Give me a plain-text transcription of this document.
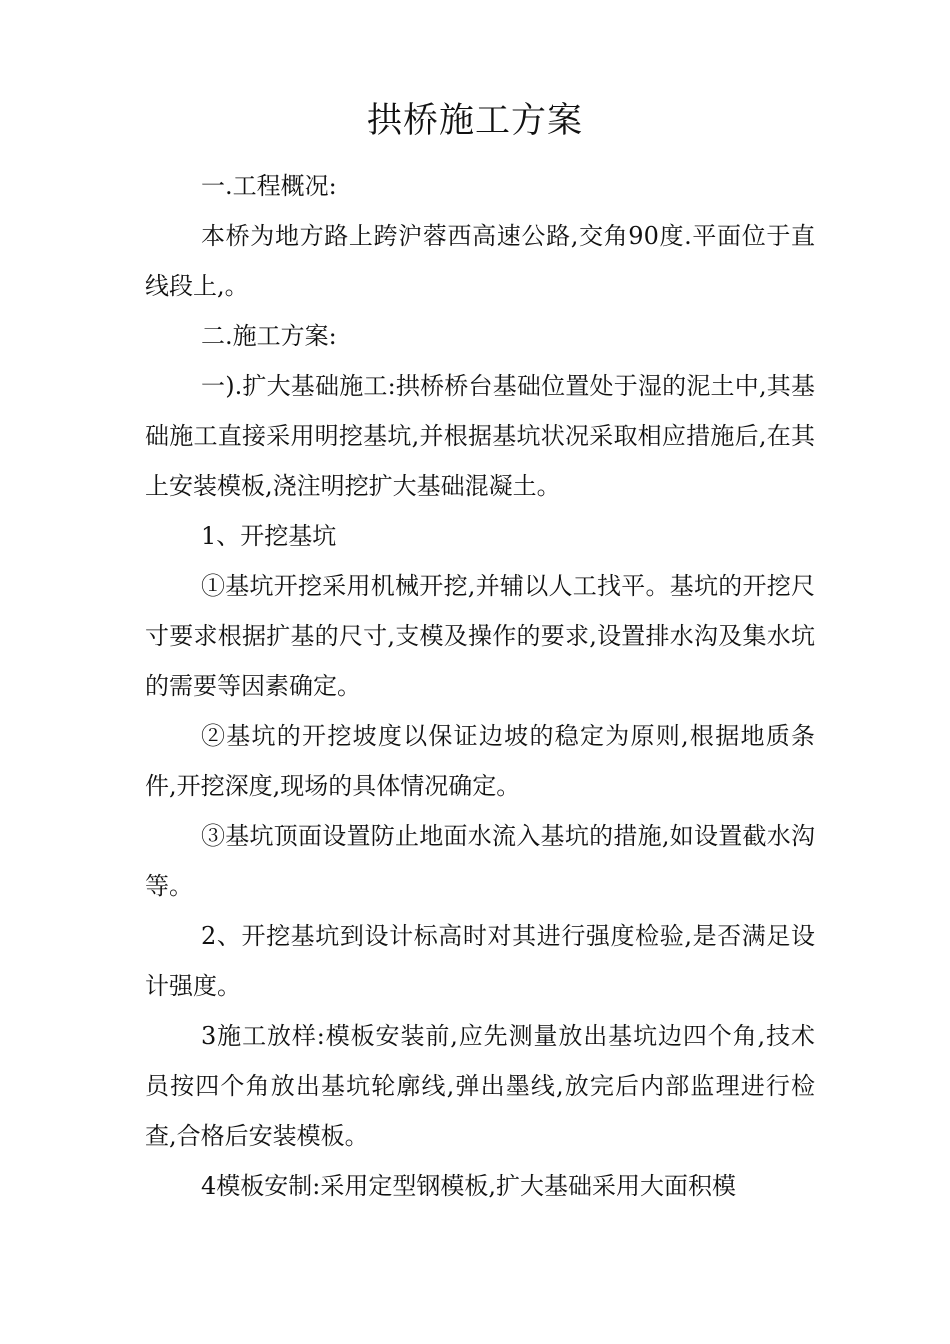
拱桥施工方案

一.工程概况:

本桥为地方路上跨沪蓉西高速公路,交角90度.平面位于直线段上,。

二.施工方案:

一).扩大基础施工:拱桥桥台基础位置处于湿的泥土中,其基础施工直接采用明挖基坑,并根据基坑状况采取相应措施后,在其上安装模板,浇注明挖扩大基础混凝土。

1、开挖基坑

①基坑开挖采用机械开挖,并辅以人工找平。基坑的开挖尺寸要求根据扩基的尺寸,支模及操作的要求,设置排水沟及集水坑的需要等因素确定。

②基坑的开挖坡度以保证边坡的稳定为原则,根据地质条件,开挖深度,现场的具体情况确定。

③基坑顶面设置防止地面水流入基坑的措施,如设置截水沟等。

2、开挖基坑到设计标高时对其进行强度检验,是否满足设计强度。

3施工放样:模板安装前,应先测量放出基坑边四个角,技术员按四个角放出基坑轮廓线,弹出墨线,放完后内部监理进行检查,合格后安装模板。

4模板安制:采用定型钢模板,扩大基础采用大面积模
